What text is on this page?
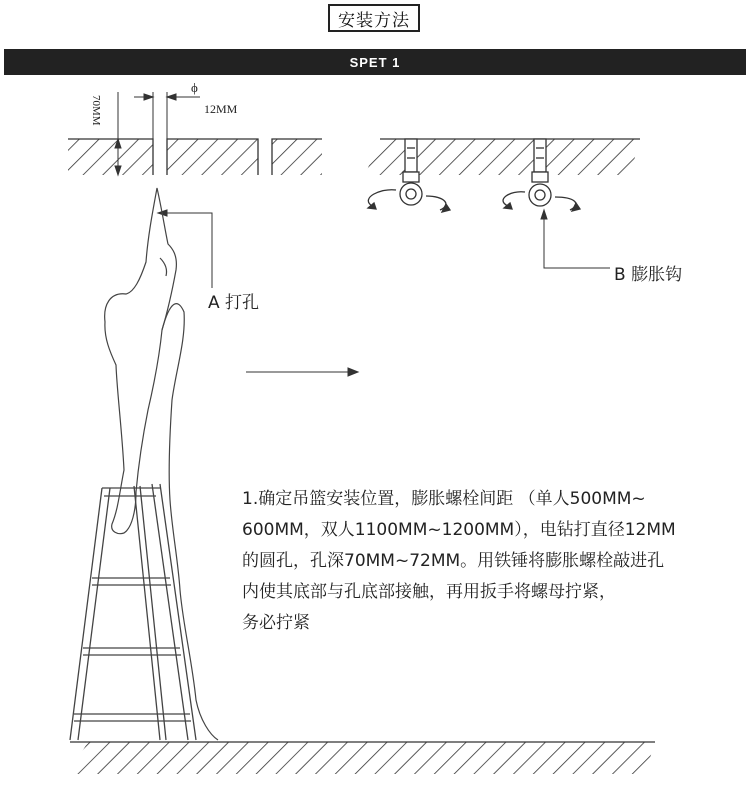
安装方法
SPET 1
70MM
ϕ
12MM
A 打孔
B 膨胀钩

1.确定吊篮安装位置，膨胀螺栓间距 （单人500MM~

600MM，双人1100MM~1200MM），电钻打直径12MM

的圆孔，孔深70MM~72MM。用铁锤将膨胀螺栓敲进孔

内使其底部与孔底部接触，再用扳手将螺母拧紧，

务必拧紧
